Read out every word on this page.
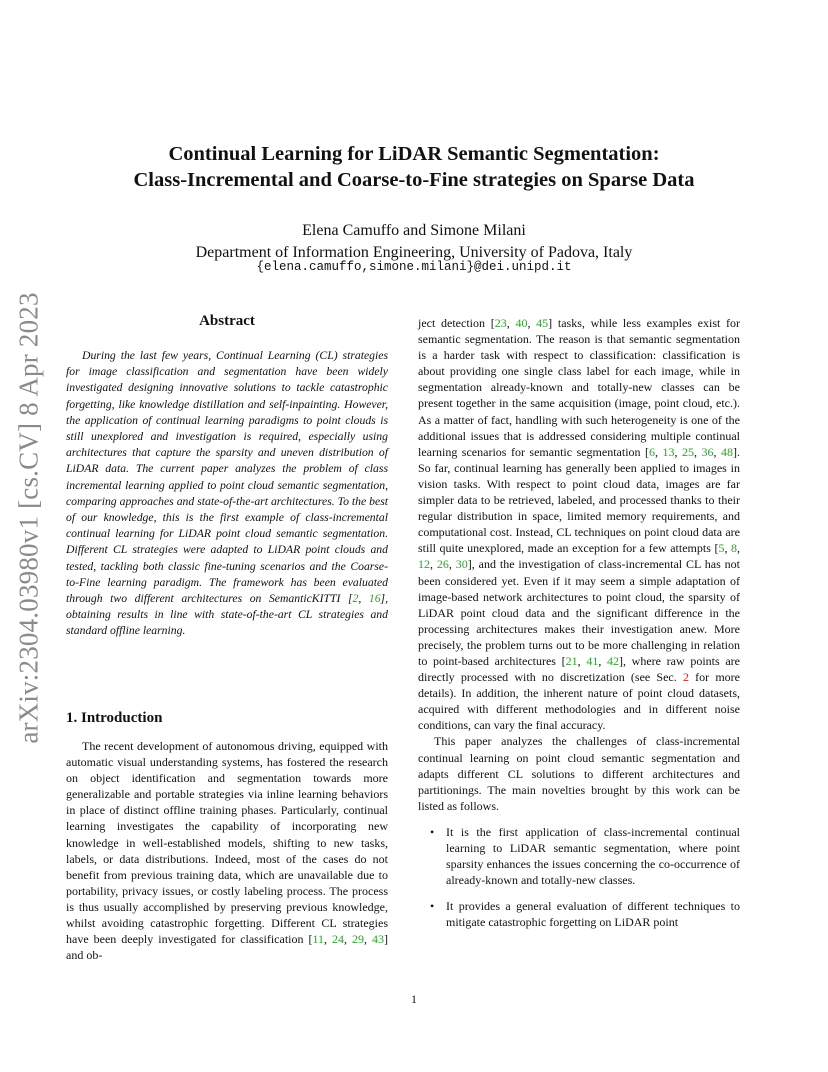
arXiv:2304.03980v1 [cs.CV] 8 Apr 2023
Continual Learning for LiDAR Semantic Segmentation:
Class-Incremental and Coarse-to-Fine strategies on Sparse Data
Elena Camuffo and Simone Milani
Department of Information Engineering, University of Padova, Italy
{elena.camuffo,simone.milani}@dei.unipd.it
Abstract
During the last few years, Continual Learning (CL) strategies for image classification and segmentation have been widely investigated designing innovative solutions to tackle catastrophic forgetting, like knowledge distillation and self-inpainting. However, the application of continual learning paradigms to point clouds is still unexplored and investigation is required, especially using architectures that capture the sparsity and uneven distribution of LiDAR data. The current paper analyzes the problem of class incremental learning applied to point cloud semantic segmentation, comparing approaches and state-of-the-art architectures. To the best of our knowledge, this is the first example of class-incremental continual learning for LiDAR point cloud semantic segmentation. Different CL strategies were adapted to LiDAR point clouds and tested, tackling both classic fine-tuning scenarios and the Coarse-to-Fine learning paradigm. The framework has been evaluated through two different architectures on SemanticKITTI [2, 16], obtaining results in line with state-of-the-art CL strategies and standard offline learning.
1. Introduction
The recent development of autonomous driving, equipped with automatic visual understanding systems, has fostered the research on object identification and segmentation towards more generalizable and portable strategies via inline learning behaviors in place of distinct offline training phases. Particularly, continual learning investigates the capability of incorporating new knowledge in well-established models, shifting to new tasks, labels, or data distributions. Indeed, most of the cases do not benefit from previous training data, which are unavailable due to portability, privacy issues, or costly labeling process. The process is thus usually accomplished by preserving previous knowledge, whilst avoiding catastrophic forgetting. Different CL strategies have been deeply investigated for classification [11, 24, 29, 43] and ob-

ject detection [23, 40, 45] tasks, while less examples exist for semantic segmentation. The reason is that semantic segmentation is a harder task with respect to classification: classification is about providing one single class label for each image, while in segmentation already-known and totally-new classes can be present together in the same acquisition (image, point cloud, etc.). As a matter of fact, handling with such heterogeneity is one of the additional issues that is addressed considering multiple continual learning scenarios for semantic segmentation [6, 13, 25, 36, 48]. So far, continual learning has generally been applied to images in vision tasks. With respect to point cloud data, images are far simpler data to be retrieved, labeled, and processed thanks to their regular distribution in space, limited memory requirements, and computational cost. Instead, CL techniques on point cloud data are still quite unexplored, made an exception for a few attempts [5, 8, 12, 26, 30], and the investigation of class-incremental CL has not been considered yet. Even if it may seem a simple adaptation of image-based network architectures to point cloud, the sparsity of LiDAR point cloud data and the significant difference in the processing architectures makes their investigation anew. More precisely, the problem turns out to be more challenging in relation to point-based architectures [21, 41, 42], where raw points are directly processed with no discretization (see Sec. 2 for more details). In addition, the inherent nature of point cloud datasets, acquired with different methodologies and in different noise conditions, can vary the final accuracy.

This paper analyzes the challenges of class-incremental continual learning on point cloud semantic segmentation and adapts different CL solutions to different architectures and partitionings. The main novelties brought by this work can be listed as follows.

• It is the first application of class-incremental continual learning to LiDAR semantic segmentation, where point sparsity enhances the issues concerning the co-occurrence of already-known and totally-new classes.
• It provides a general evaluation of different techniques to mitigate catastrophic forgetting on LiDAR point
1
